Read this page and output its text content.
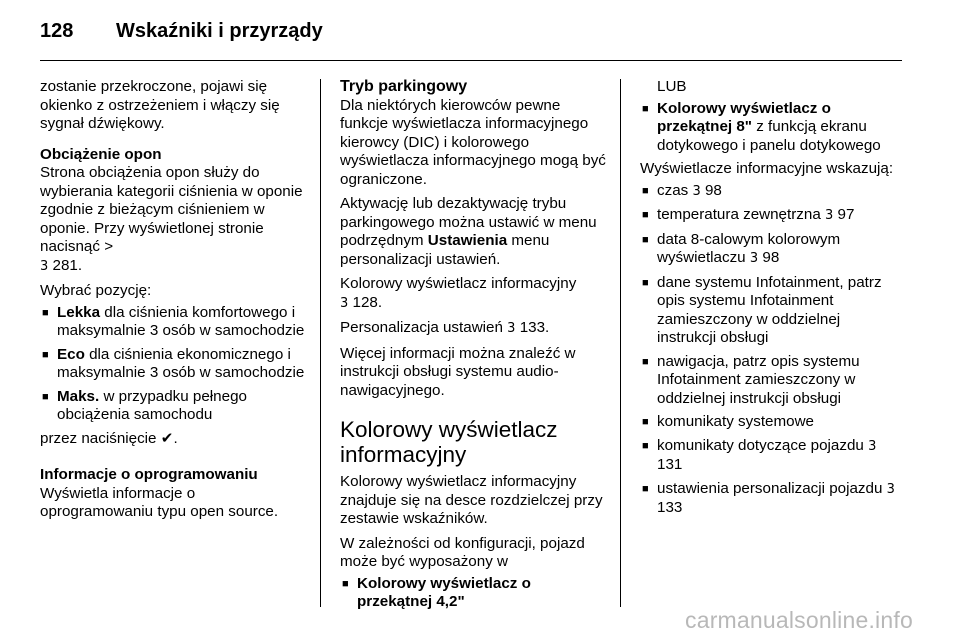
128 Wskaźniki i przyrządy

zostanie przekroczone, pojawi się okienko z ostrzeżeniem i włączy się sygnał dźwiękowy.

Obciążenie opon

Strona obciążenia opon służy do wybierania kategorii ciśnienia w oponie zgodnie z bieżącym ciśnieniem w oponie. Przy wyświetlonej stronie nacisnąć >
3 281.

Wybrać pozycję:

■ Lekka dla ciśnienia komfortowego i maksymalnie 3 osób w samochodzie
■ Eco dla ciśnienia ekonomicznego i maksymalnie 3 osób w samochodzie
■ Maks. w przypadku pełnego obciążenia samochodu

przez naciśnięcie ✔.

Informacje o oprogramowaniu

Wyświetla informacje o oprogramowaniu typu open source.

Tryb parkingowy

Dla niektórych kierowców pewne funkcje wyświetlacza informacyjnego kierowcy (DIC) i kolorowego wyświetlacza informacyjnego mogą być ograniczone.

Aktywację lub dezaktywację trybu parkingowego można ustawić w menu podrzędnym Ustawienia menu personalizacji ustawień.

Kolorowy wyświetlacz informacyjny
3 128.

Personalizacja ustawień 3 133.

Więcej informacji można znaleźć w instrukcji obsługi systemu audio-nawigacyjnego.

Kolorowy wyświetlacz informacyjny

Kolorowy wyświetlacz informacyjny znajduje się na desce rozdzielczej przy zestawie wskaźników.

W zależności od konfiguracji, pojazd może być wyposażony w

■ Kolorowy wyświetlacz o przekątnej 4,2"

LUB

■ Kolorowy wyświetlacz o przekątnej 8" z funkcją ekranu dotykowego i panelu dotykowego

Wyświetlacze informacyjne wskazują:

■ czas 3 98
■ temperatura zewnętrzna 3 97
■ data 8-calowym kolorowym wyświetlaczu 3 98
■ dane systemu Infotainment, patrz opis systemu Infotainment zamieszczony w oddzielnej instrukcji obsługi
■ nawigacja, patrz opis systemu Infotainment zamieszczony w oddzielnej instrukcji obsługi
■ komunikaty systemowe
■ komunikaty dotyczące pojazdu 3 131
■ ustawienia personalizacji pojazdu 3 133
carmanualsonline.info
